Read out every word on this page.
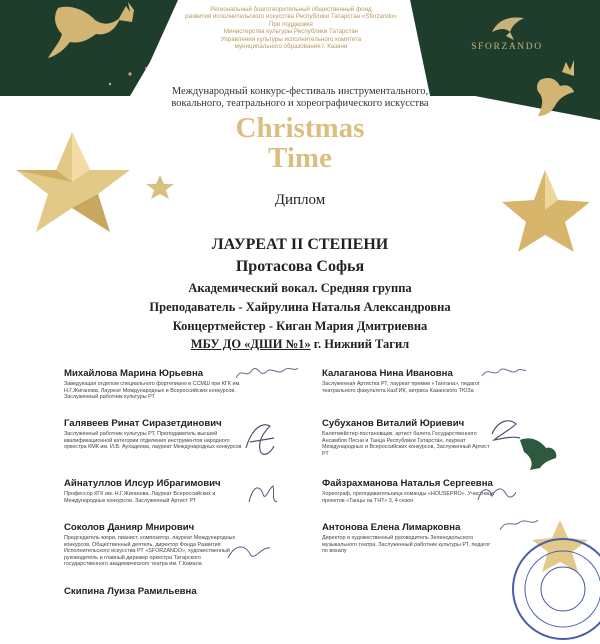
Региональный благотворительный общественный фонд
развития исполнительского искусства Республики Татарстан «Sforzando»
При поддержке
Министерства культуры Республики Татарстан
Управления культуры исполнительного комитета
муниципального образования г. Казани	SFORZANDO
Международный конкурс-фестиваль инструментального,
вокального, театрального и хореографического искусства
Christmas
Time
Диплом
ЛАУРЕАТ II СТЕПЕНИ
Протасова Софья
Академический вокал. Средняя группа
Преподаватель - Хайрулина Наталья Александровна
Концертмейстер - Киган Мария Дмитриевна
МБУ ДО «ДШИ №1» г. Нижний Тагил
Михайлова Марина Юрьевна
Заведующая отделом специального фортепиано в ССМШ при КГК им. Н.Г.Жиганова. Лауреат Международных и Всероссийских конкурсов. Заслуженный работник культуры РТ
Галявеев Ринат Сиразетдинович
Заслуженный работник культуры РТ, Преподаватель высшей квалификационной категории отделения инструментов народного оркестра КМК им. И.В. Аухадеева, лауреат Международных конкурсов
Айнатуллов Илсур Ибрагимович
Профессор КГК им. Н.Г.Жиганова. Лауреат Всероссийских и Международных конкурсов. Заслуженный Артист РТ
Соколов Данияр Мнирович
Председатель жюри, пианист, композитор, лауреат Международных конкурсов, Общественный деятель, директор Фонда Развития Исполнительского искусства РТ «SFORZANDO», художественный руководитель и главный дирижер оркестра Татарского государственного академического театра им. Г.Камала
Скипина Луиза Рамильевна
Калаганова Нина Ивановна
Заслуженная Артистка РТ, лауреат премии «Тантана», педагог театрального факультета КазГИК, актриса Казанского ТЮЗа
Субуханов Виталий Юриевич
Балетмейстер-постановщик, артист балета Государственного Ансамбля Песни и Танца Республики Татарстан, лауреат Международных и Всероссийских конкурсов, Заслуженный Артист РТ
Файзрахманова Наталья Сергеевна
Хореограф, преподавательница команды «HOUSEPRO». Участница проектов «Танцы на ТНТ» 3, 4 сезон
Антонова Елена Лимарковна
Директор и художественный руководитель Зеленодольского музыкального театра. Заслуженный работник культуры РТ, педагог по вокалу
